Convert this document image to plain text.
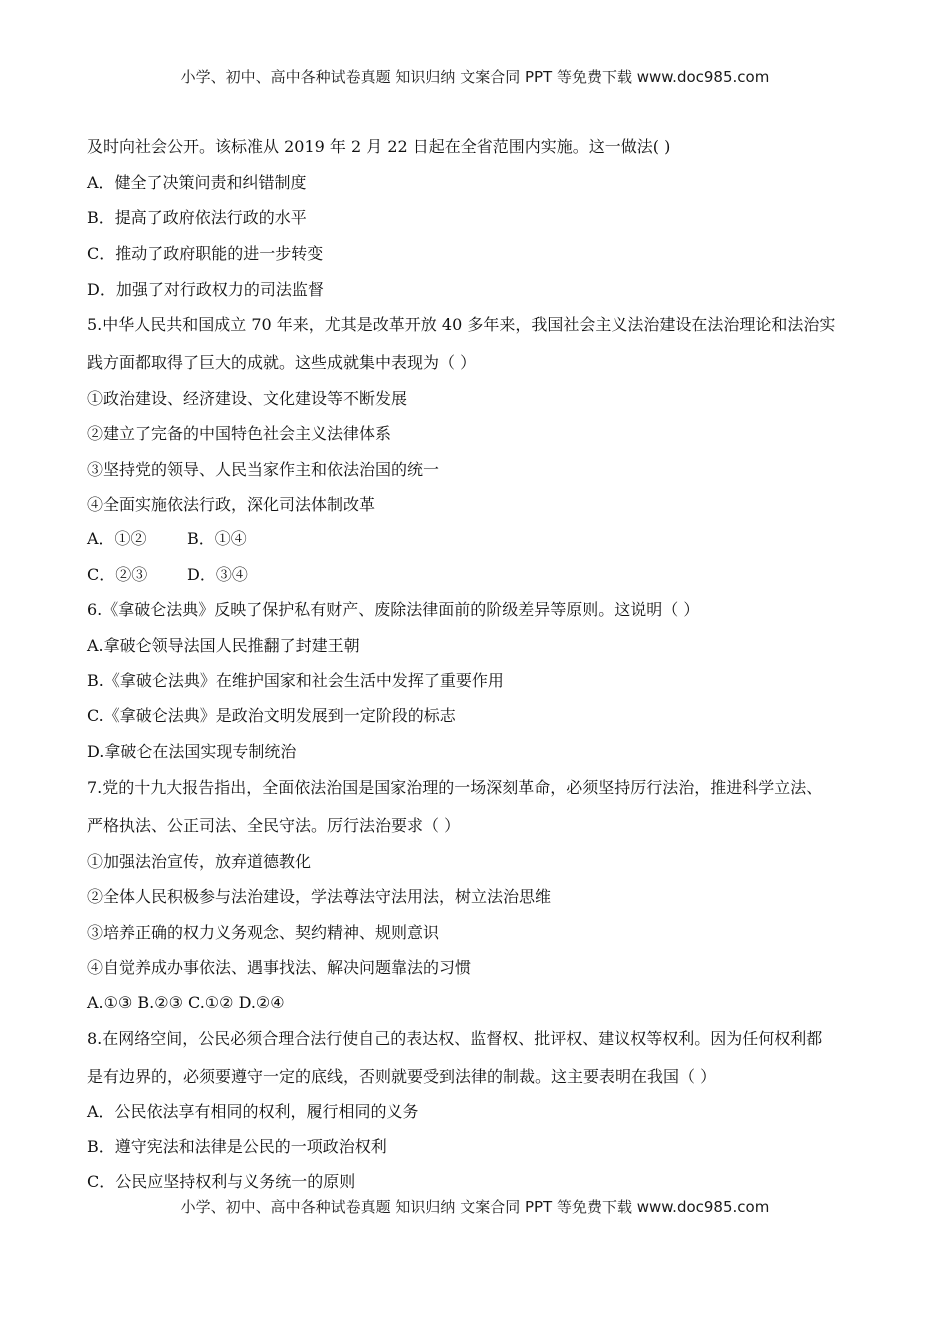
小学、初中、高中各种试卷真题 知识归纳 文案合同 PPT 等免费下载 www.doc985.com
及时向社会公开。该标准从 2019 年 2 月 22 日起在全省范围内实施。这一做法( )
A．健全了决策问责和纠错制度
B．提高了政府依法行政的水平
C．推动了政府职能的进一步转变
D．加强了对行政权力的司法监督
5.中华人民共和国成立 70 年来，尤其是改革开放 40 多年来，我国社会主义法治建设在法治理论和法治实
践方面都取得了巨大的成就。这些成就集中表现为（ ）
①政治建设、经济建设、文化建设等不断发展
②建立了完备的中国特色社会主义法律体系
③坚持党的领导、人民当家作主和依法治国的统一
④全面实施依法行政，深化司法体制改革
A．①②	B．①④
C．②③ D．③④
6.《拿破仑法典》反映了保护私有财产、废除法律面前的阶级差异等原则。这说明（ ）
A.拿破仑领导法国人民推翻了封建王朝
B.《拿破仑法典》在维护国家和社会生活中发挥了重要作用
C.《拿破仑法典》是政治文明发展到一定阶段的标志
D.拿破仑在法国实现专制统治
7.党的十九大报告指出，全面依法治国是国家治理的一场深刻革命，必须坚持厉行法治，推进科学立法、
严格执法、公正司法、全民守法。厉行法治要求（ ）
①加强法治宣传，放弃道德教化
②全体人民积极参与法治建设，学法尊法守法用法，树立法治思维
③培养正确的权力义务观念、契约精神、规则意识
④自觉养成办事依法、遇事找法、解决问题靠法的习惯
A.①③ B.②③ C.①② D.②④
8.在网络空间，公民必须合理合法行使自己的表达权、监督权、批评权、建议权等权利。因为任何权利都
是有边界的，必须要遵守一定的底线，否则就要受到法律的制裁。这主要表明在我国（ ）
A．公民依法享有相同的权利，履行相同的义务
B．遵守宪法和法律是公民的一项政治权利
C．公民应坚持权利与义务统一的原则
小学、初中、高中各种试卷真题 知识归纳 文案合同 PPT 等免费下载 www.doc985.com
